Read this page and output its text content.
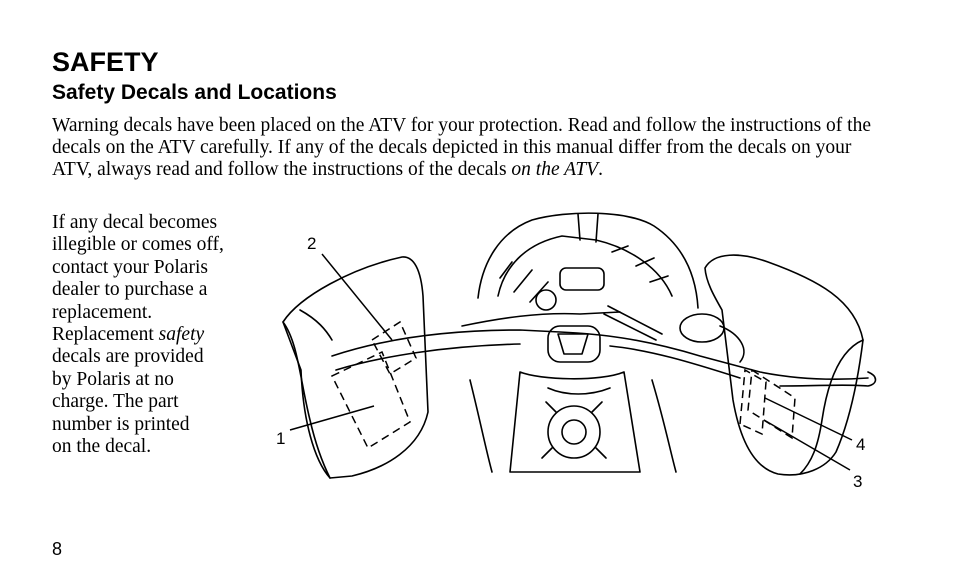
SAFETY
Safety Decals and Locations

Warning decals have been placed on the ATV for your protection. Read and follow the instructions of the decals on the ATV carefully. If any of the decals depicted in this manual differ from the decals on your ATV, always read and follow the instructions of the decals on the ATV.

If any decal becomes
illegible or comes off,
contact your Polaris
dealer to purchase a
replacement.
Replacement safety
decals are provided
by Polaris at no
charge. The part
number is printed
on the decal.	1
2
3
4
8
